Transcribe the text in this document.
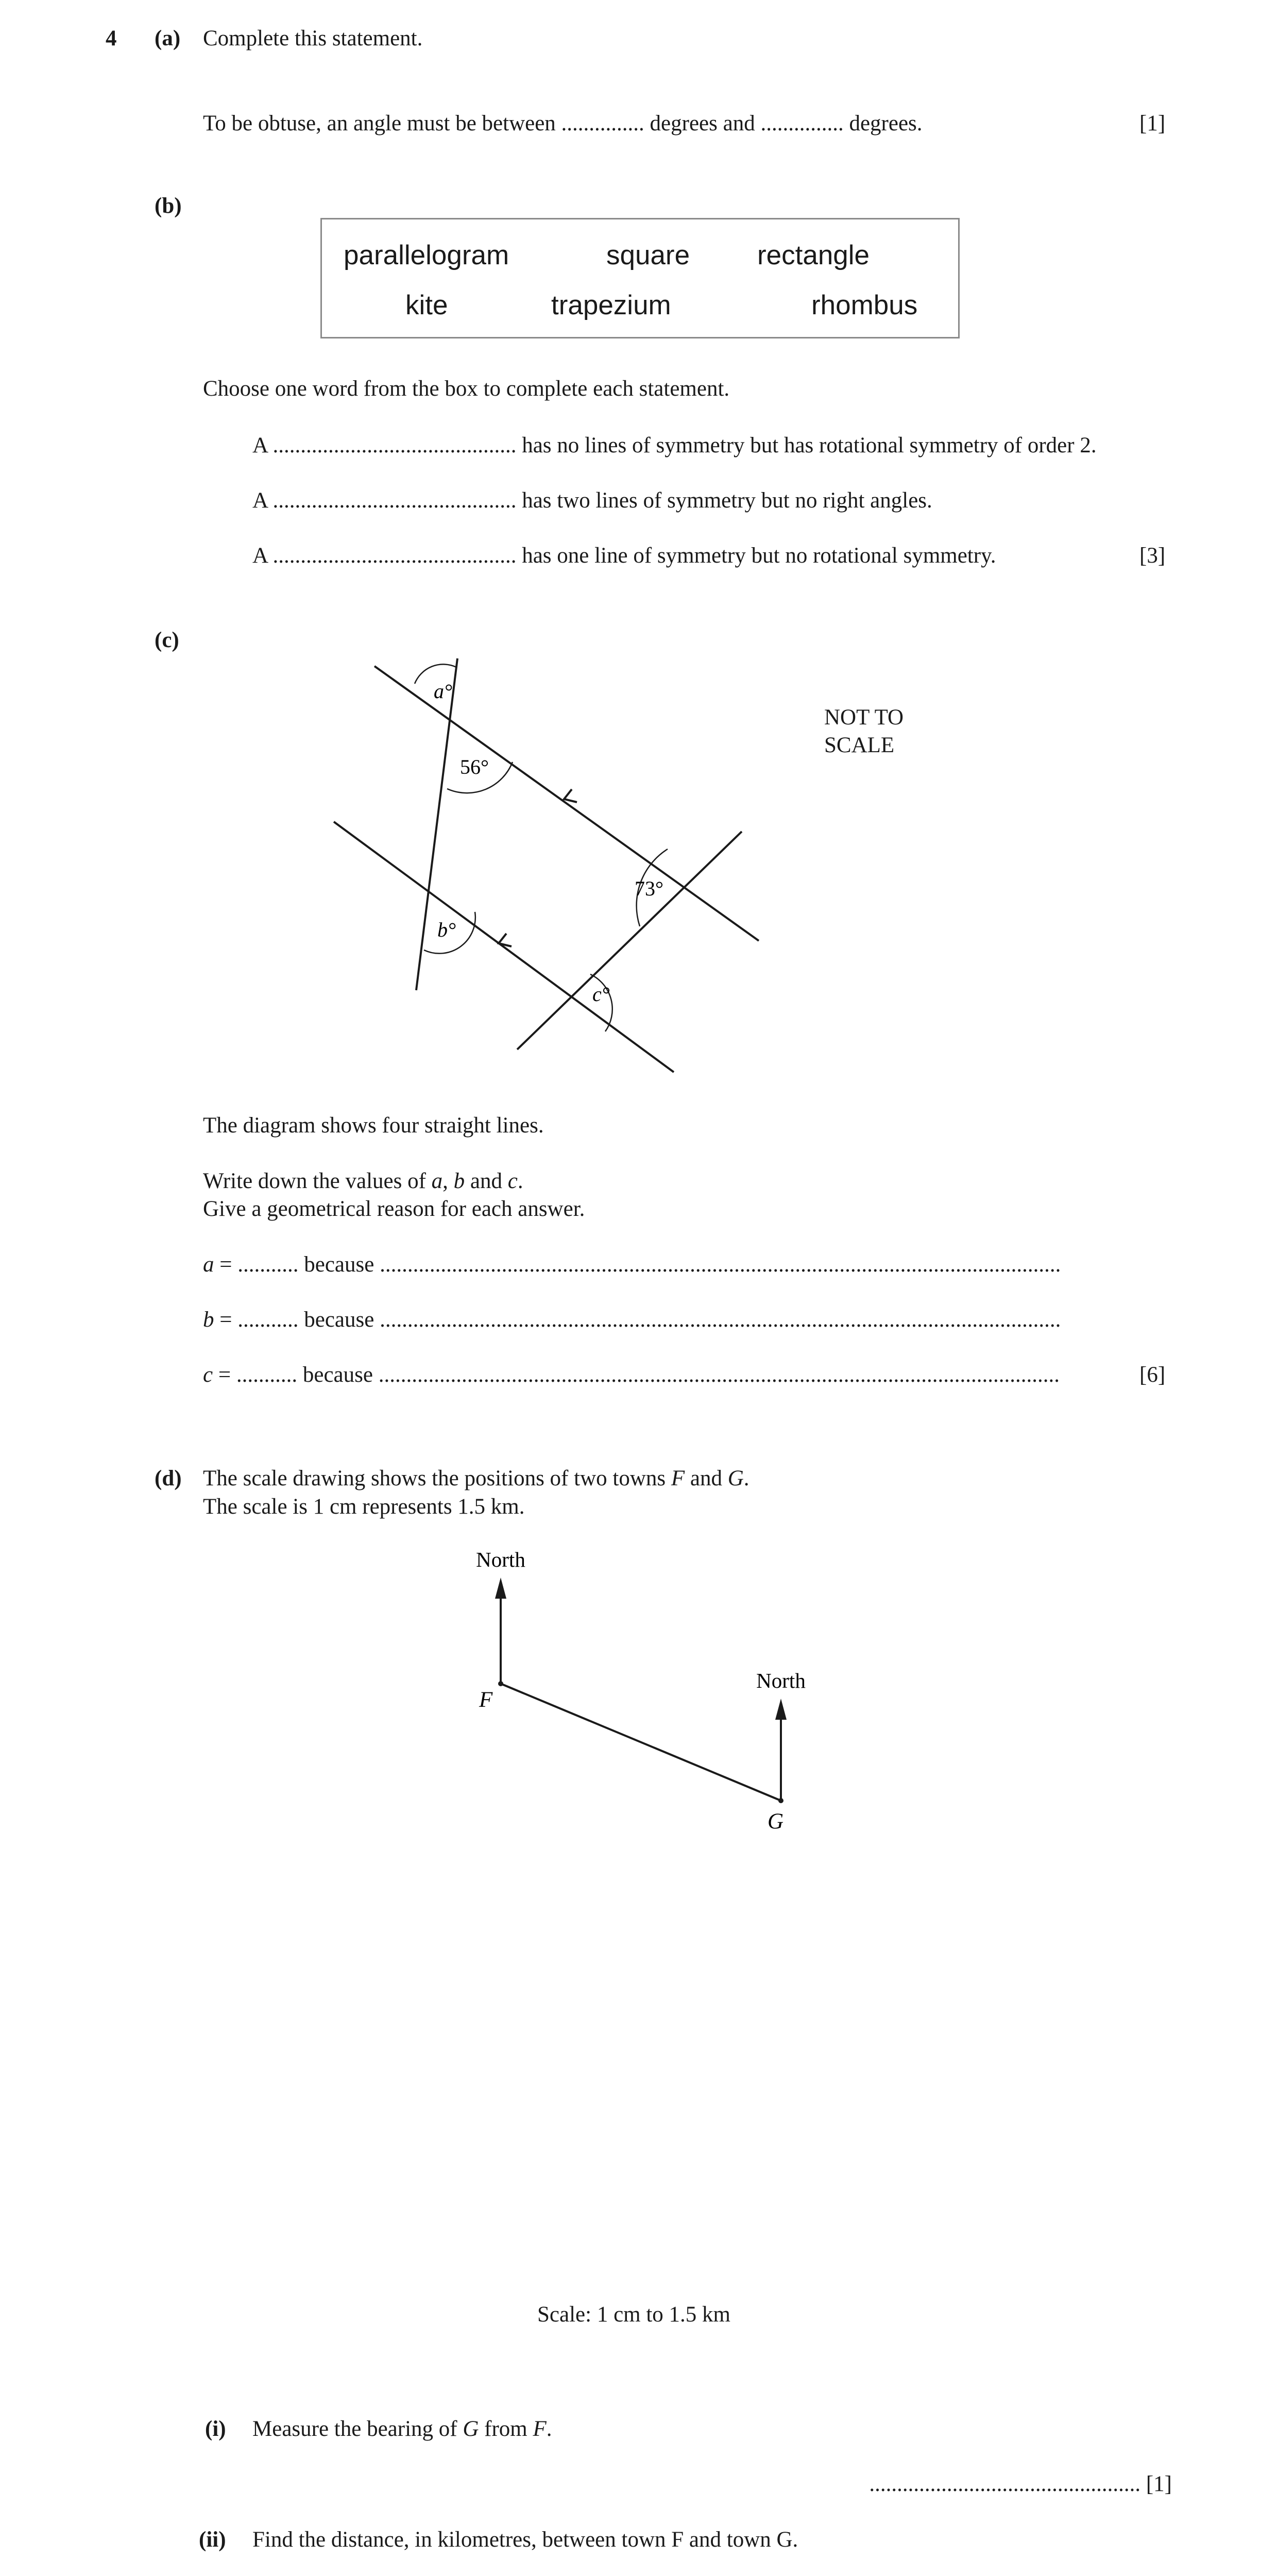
4 (a) Complete this statement.
To be obtuse, an angle must be between ............... degrees and ............... degrees.	[1]
(b)
parallelogram	square rectangle
kite	trapezium	rhombus
Choose one word from the box to complete each statement.
A ............................................ has no lines of symmetry but has rotational symmetry of order 2.
A ............................................ has two lines of symmetry but no right angles.
A ............................................ has one line of symmetry but no rotational symmetry.	[3]
(c)
a°
56°
73°
b°
c°
NOT TO
SCALE
The diagram shows four straight lines.
Write down the values of a, b and c.
Give a geometrical reason for each answer.
a = ........... because ...........................................................................................................................
b = ........... because ...........................................................................................................................
c = ........... because ...........................................................................................................................	[6]
(d) The scale drawing shows the positions of two towns F and G.
The scale is 1 cm represents 1.5 km.
North
North
F
G
Scale: 1 cm to 1.5 km
(i) Measure the bearing of G from F.
................................................. [1]
(ii) Find the distance, in kilometres, between town F and town G.
